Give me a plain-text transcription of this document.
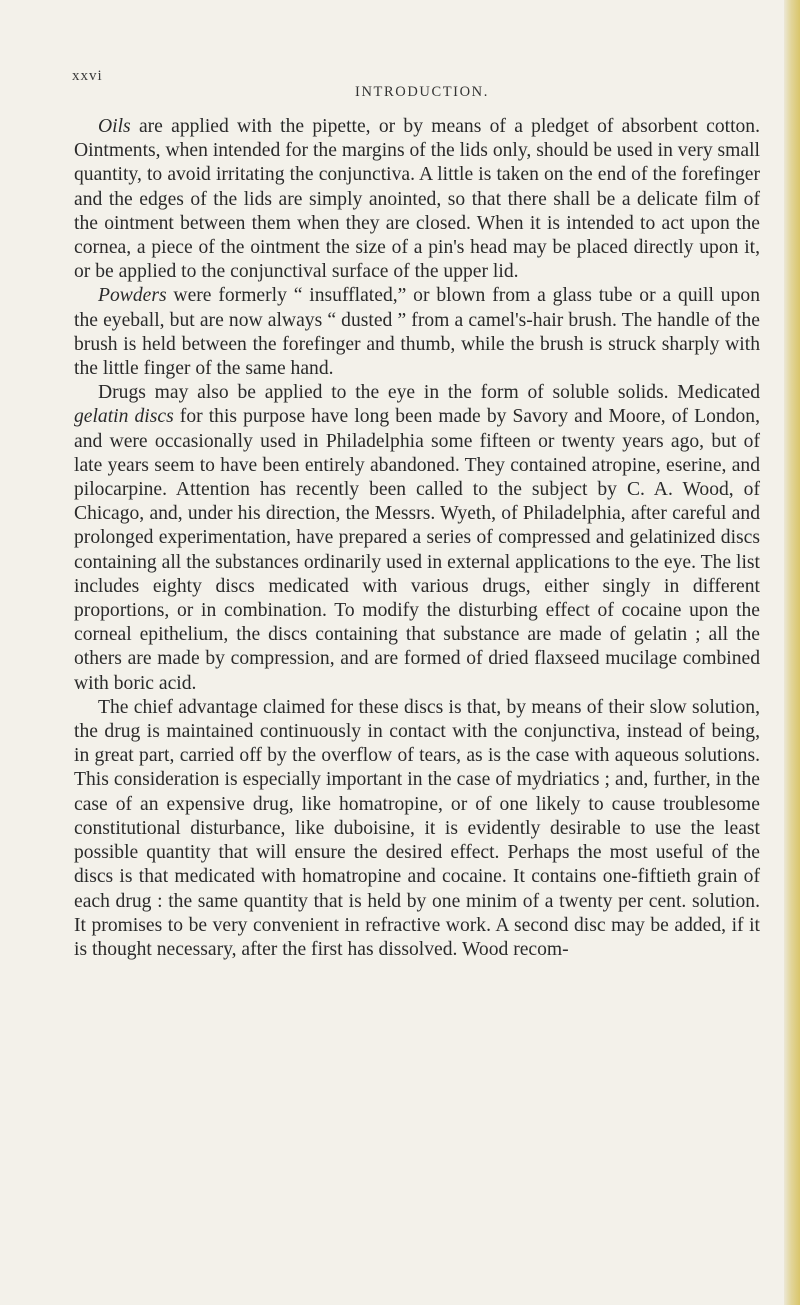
xxvi
INTRODUCTION.

Oils are applied with the pipette, or by means of a pledget of absorbent cotton. Ointments, when intended for the margins of the lids only, should be used in very small quantity, to avoid irritating the conjunctiva. A little is taken on the end of the forefinger and the edges of the lids are simply anointed, so that there shall be a delicate film of the ointment between them when they are closed. When it is intended to act upon the cornea, a piece of the ointment the size of a pin's head may be placed directly upon it, or be applied to the conjunctival surface of the upper lid.

Powders were formerly “ insufflated,” or blown from a glass tube or a quill upon the eyeball, but are now always “ dusted ” from a camel's-hair brush. The handle of the brush is held between the forefinger and thumb, while the brush is struck sharply with the little finger of the same hand.

Drugs may also be applied to the eye in the form of soluble solids. Medicated gelatin discs for this purpose have long been made by Savory and Moore, of London, and were occasionally used in Philadelphia some fifteen or twenty years ago, but of late years seem to have been entirely abandoned. They contained atropine, eserine, and pilocarpine. Attention has recently been called to the subject by C. A. Wood, of Chicago, and, under his direction, the Messrs. Wyeth, of Philadelphia, after careful and prolonged experimentation, have prepared a series of compressed and gelatinized discs containing all the substances ordinarily used in external applications to the eye. The list includes eighty discs medicated with various drugs, either singly in different proportions, or in combination. To modify the disturbing effect of cocaine upon the corneal epithelium, the discs containing that substance are made of gelatin ; all the others are made by compression, and are formed of dried flaxseed mucilage combined with boric acid.

The chief advantage claimed for these discs is that, by means of their slow solution, the drug is maintained continuously in contact with the conjunctiva, instead of being, in great part, carried off by the overflow of tears, as is the case with aqueous solutions. This consideration is especially important in the case of mydriatics ; and, further, in the case of an expensive drug, like homatropine, or of one likely to cause troublesome constitutional disturbance, like duboisine, it is evidently desirable to use the least possible quantity that will ensure the desired effect. Perhaps the most useful of the discs is that medicated with homatropine and cocaine. It contains one-fiftieth grain of each drug : the same quantity that is held by one minim of a twenty per cent. solution. It promises to be very convenient in refractive work. A second disc may be added, if it is thought necessary, after the first has dissolved. Wood recom-
